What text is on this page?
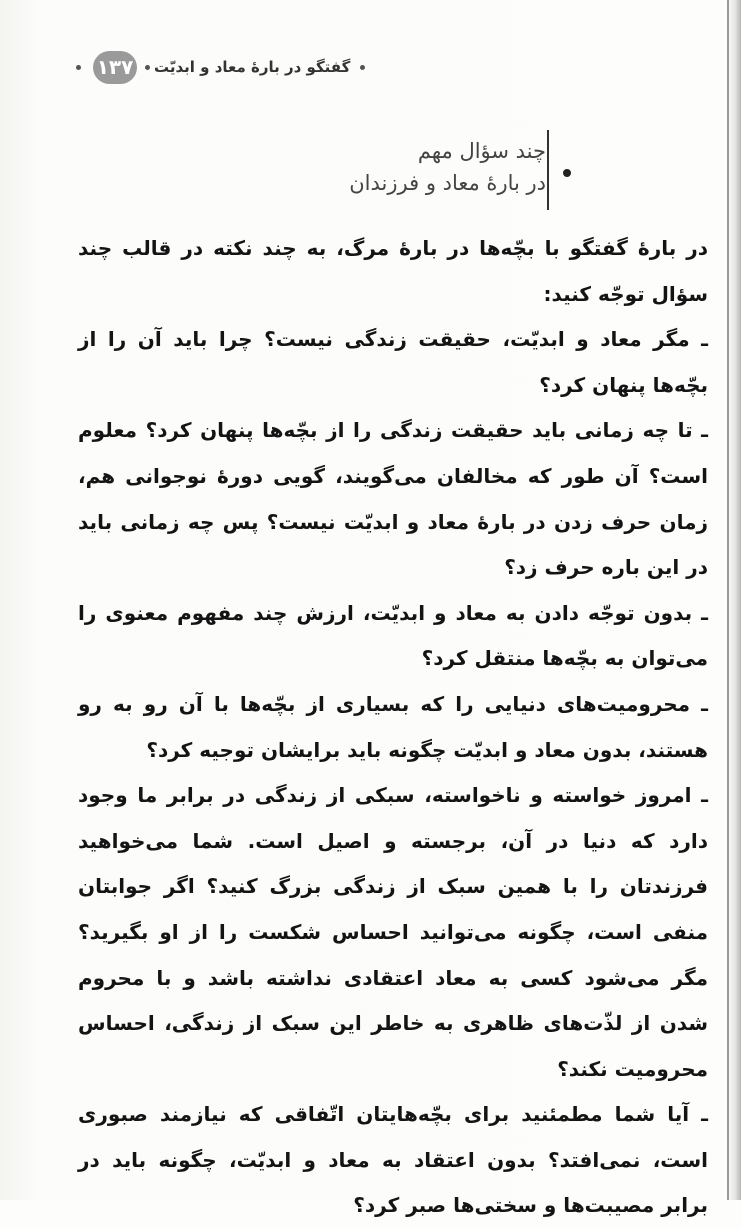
۱۳۷ گفتگو در بارهٔ معاد و ابدیّت
چند سؤال مهم
در بارهٔ معاد و فرزندان

در بارهٔ گفتگو با بچّه‌ها در بارهٔ مرگ، به چند نکته در قالب چند سؤال توجّه کنید:

ـ مگر معاد و ابدیّت، حقیقت زندگی نیست؟ چرا باید آن را از بچّه‌ها پنهان کرد؟

ـ تا چه زمانی باید حقیقت زندگی را از بچّه‌ها پنهان کرد؟ معلوم است؟ آن طور که مخالفان می‌گویند، گویی دورهٔ نوجوانی هم، زمان حرف زدن در بارهٔ معاد و ابدیّت نیست؟ پس چه زمانی باید در این باره حرف زد؟

ـ بدون توجّه دادن به معاد و ابدیّت، ارزش چند مفهوم معنوی را می‌توان به بچّه‌ها منتقل کرد؟

ـ محرومیت‌های دنیایی را که بسیاری از بچّه‌ها با آن رو به رو هستند، بدون معاد و ابدیّت چگونه باید برایشان توجیه کرد؟

ـ امروز خواسته و ناخواسته، سبکی از زندگی در برابر ما وجود دارد که دنیا در آن، برجسته و اصیل است. شما می‌خواهید فرزندتان را با همین سبک از زندگی بزرگ کنید؟ اگر جوابتان منفی است، چگونه می‌توانید احساس شکست را از او بگیرید؟ مگر می‌شود کسی به معاد اعتقادی نداشته باشد و با محروم شدن از لذّت‌های ظاهری به خاطر این سبک از زندگی، احساس محرومیت نکند؟

ـ آیا شما مطمئنید برای بچّه‌هایتان اتّفاقی که نیازمند صبوری است، نمی‌افتد؟ بدون اعتقاد به معاد و ابدیّت، چگونه باید در برابر مصیبت‌ها و سختی‌ها صبر کرد؟
